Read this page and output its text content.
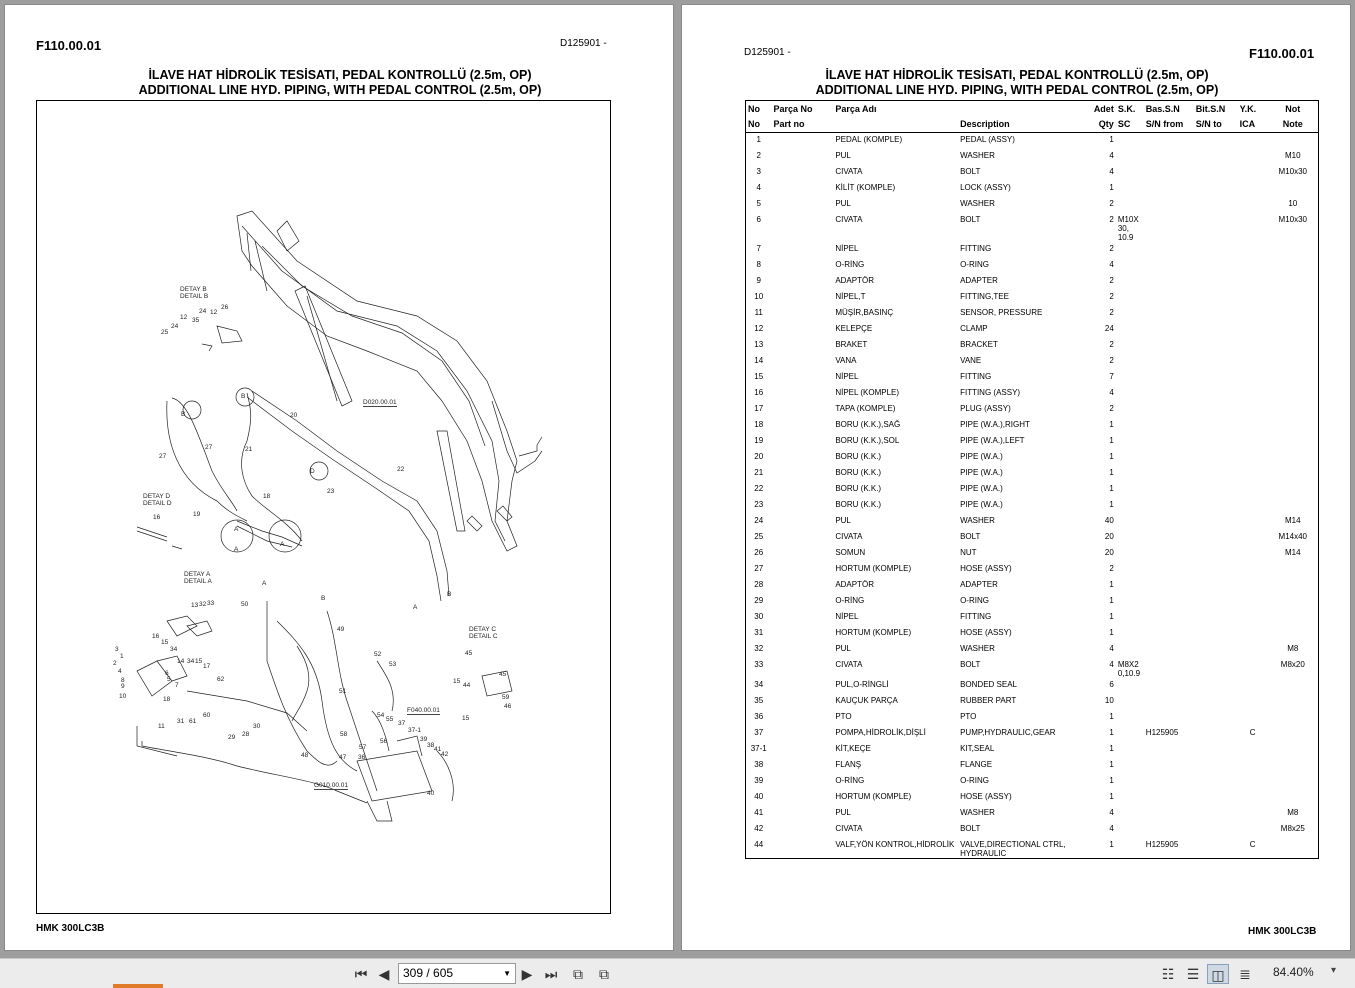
F110.00.01	D125901 -
İLAVE HAT HİDROLİK TESİSATI, PEDAL KONTROLLÜ (2.5m, OP)
ADDITIONAL LINE HYD. PIPING, WITH PEDAL CONTROL (2.5m, OP)
DETAY B
DETAIL B
DETAY D
DETAIL D
DETAY A
DETAIL A
DETAY C
DETAIL C
D020.00.01
F040.00.01
G010.00.01
12
24
26
12
35
25
24
20
27	21
27
22
23
18
19
16
A
A
A
B
33
13 32	50
A
B
49
16
15
3	34
1
2	14 34 15
17
7
6
4
5
8
9
10	18
62
31 61
60
28
30
29
11
52
53
51
45
44
45
15
59
46
15
54
55
37
37-1
58
56
57
36
39
38
41
42
47
48
40
D
B
B
A
HMK 300LC3B
D125901 -	F110.00.01
İLAVE HAT HİDROLİK TESİSATI, PEDAL KONTROLLÜ (2.5m, OP)
ADDITIONAL LINE HYD. PIPING, WITH PEDAL CONTROL (2.5m, OP)
No	Parça No	Parça Adı		Adet	S.K.	Bas.S.N	Bit.S.N	Y.K.	Not
No	Part no		Description	Qty	SC	S/N from	S/N to	ICA	Note
1		PEDAL (KOMPLE)	PEDAL (ASSY)	1					
2		PUL	WASHER	4					M10
3		CIVATA	BOLT	4					M10x30
4		KİLİT (KOMPLE)	LOCK (ASSY)	1					
5		PUL	WASHER	2					10
6		CIVATA	BOLT	2	M10X 30, 10.9				M10x30
7		NİPEL	FITTING	2					
8		O-RİNG	O-RING	4					
9		ADAPTÖR	ADAPTER	2					
10		NİPEL,T	FITTING,TEE	2					
11		MÜŞİR,BASINÇ	SENSOR, PRESSURE	2					
12		KELEPÇE	CLAMP	24					
13		BRAKET	BRACKET	2					
14		VANA	VANE	2					
15		NİPEL	FITTING	7					
16		NİPEL (KOMPLE)	FITTING (ASSY)	4					
17		TAPA (KOMPLE)	PLUG (ASSY)	2					
18		BORU (K.K.),SAĞ	PIPE (W.A.),RIGHT	1					
19		BORU (K.K.),SOL	PIPE (W.A.),LEFT	1					
20		BORU (K.K.)	PIPE (W.A.)	1					
21		BORU (K.K.)	PIPE (W.A.)	1					
22		BORU (K.K.)	PIPE (W.A.)	1					
23		BORU (K.K.)	PIPE (W.A.)	1					
24		PUL	WASHER	40					M14
25		CIVATA	BOLT	20					M14x40
26		SOMUN	NUT	20					M14
27		HORTUM (KOMPLE)	HOSE (ASSY)	2					
28		ADAPTÖR	ADAPTER	1					
29		O-RİNG	O-RING	1					
30		NİPEL	FITTING	1					
31		HORTUM (KOMPLE)	HOSE (ASSY)	1					
32		PUL	WASHER	4					M8
33		CIVATA	BOLT	4	M8X2 0,10.9				M8x20
34		PUL,O-RİNGLİ	BONDED SEAL	6					
35		KAUÇUK PARÇA	RUBBER PART	10					
36		PTO	PTO	1					
37		POMPA,HİDROLİK,DİŞLİ	PUMP,HYDRAULIC,GEAR	1		H125905		C	
37-1		KİT,KEÇE	KIT,SEAL	1					
38		FLANŞ	FLANGE	1					
39		O-RİNG	O-RING	1					
40		HORTUM (KOMPLE)	HOSE (ASSY)	1					
41		PUL	WASHER	4					M8
42		CIVATA	BOLT	4					M8x25
44		VALF,YÖN KONTROL,HİDROLİK	VALVE,DIRECTIONAL CTRL, HYDRAULIC	1		H125905		C	
HMK 300LC3B
⏮ ◀	309 / 605	▼ ▶ ⏭	⧉	⧉	☷ ☰ ◫	≣	84.40% ▾
